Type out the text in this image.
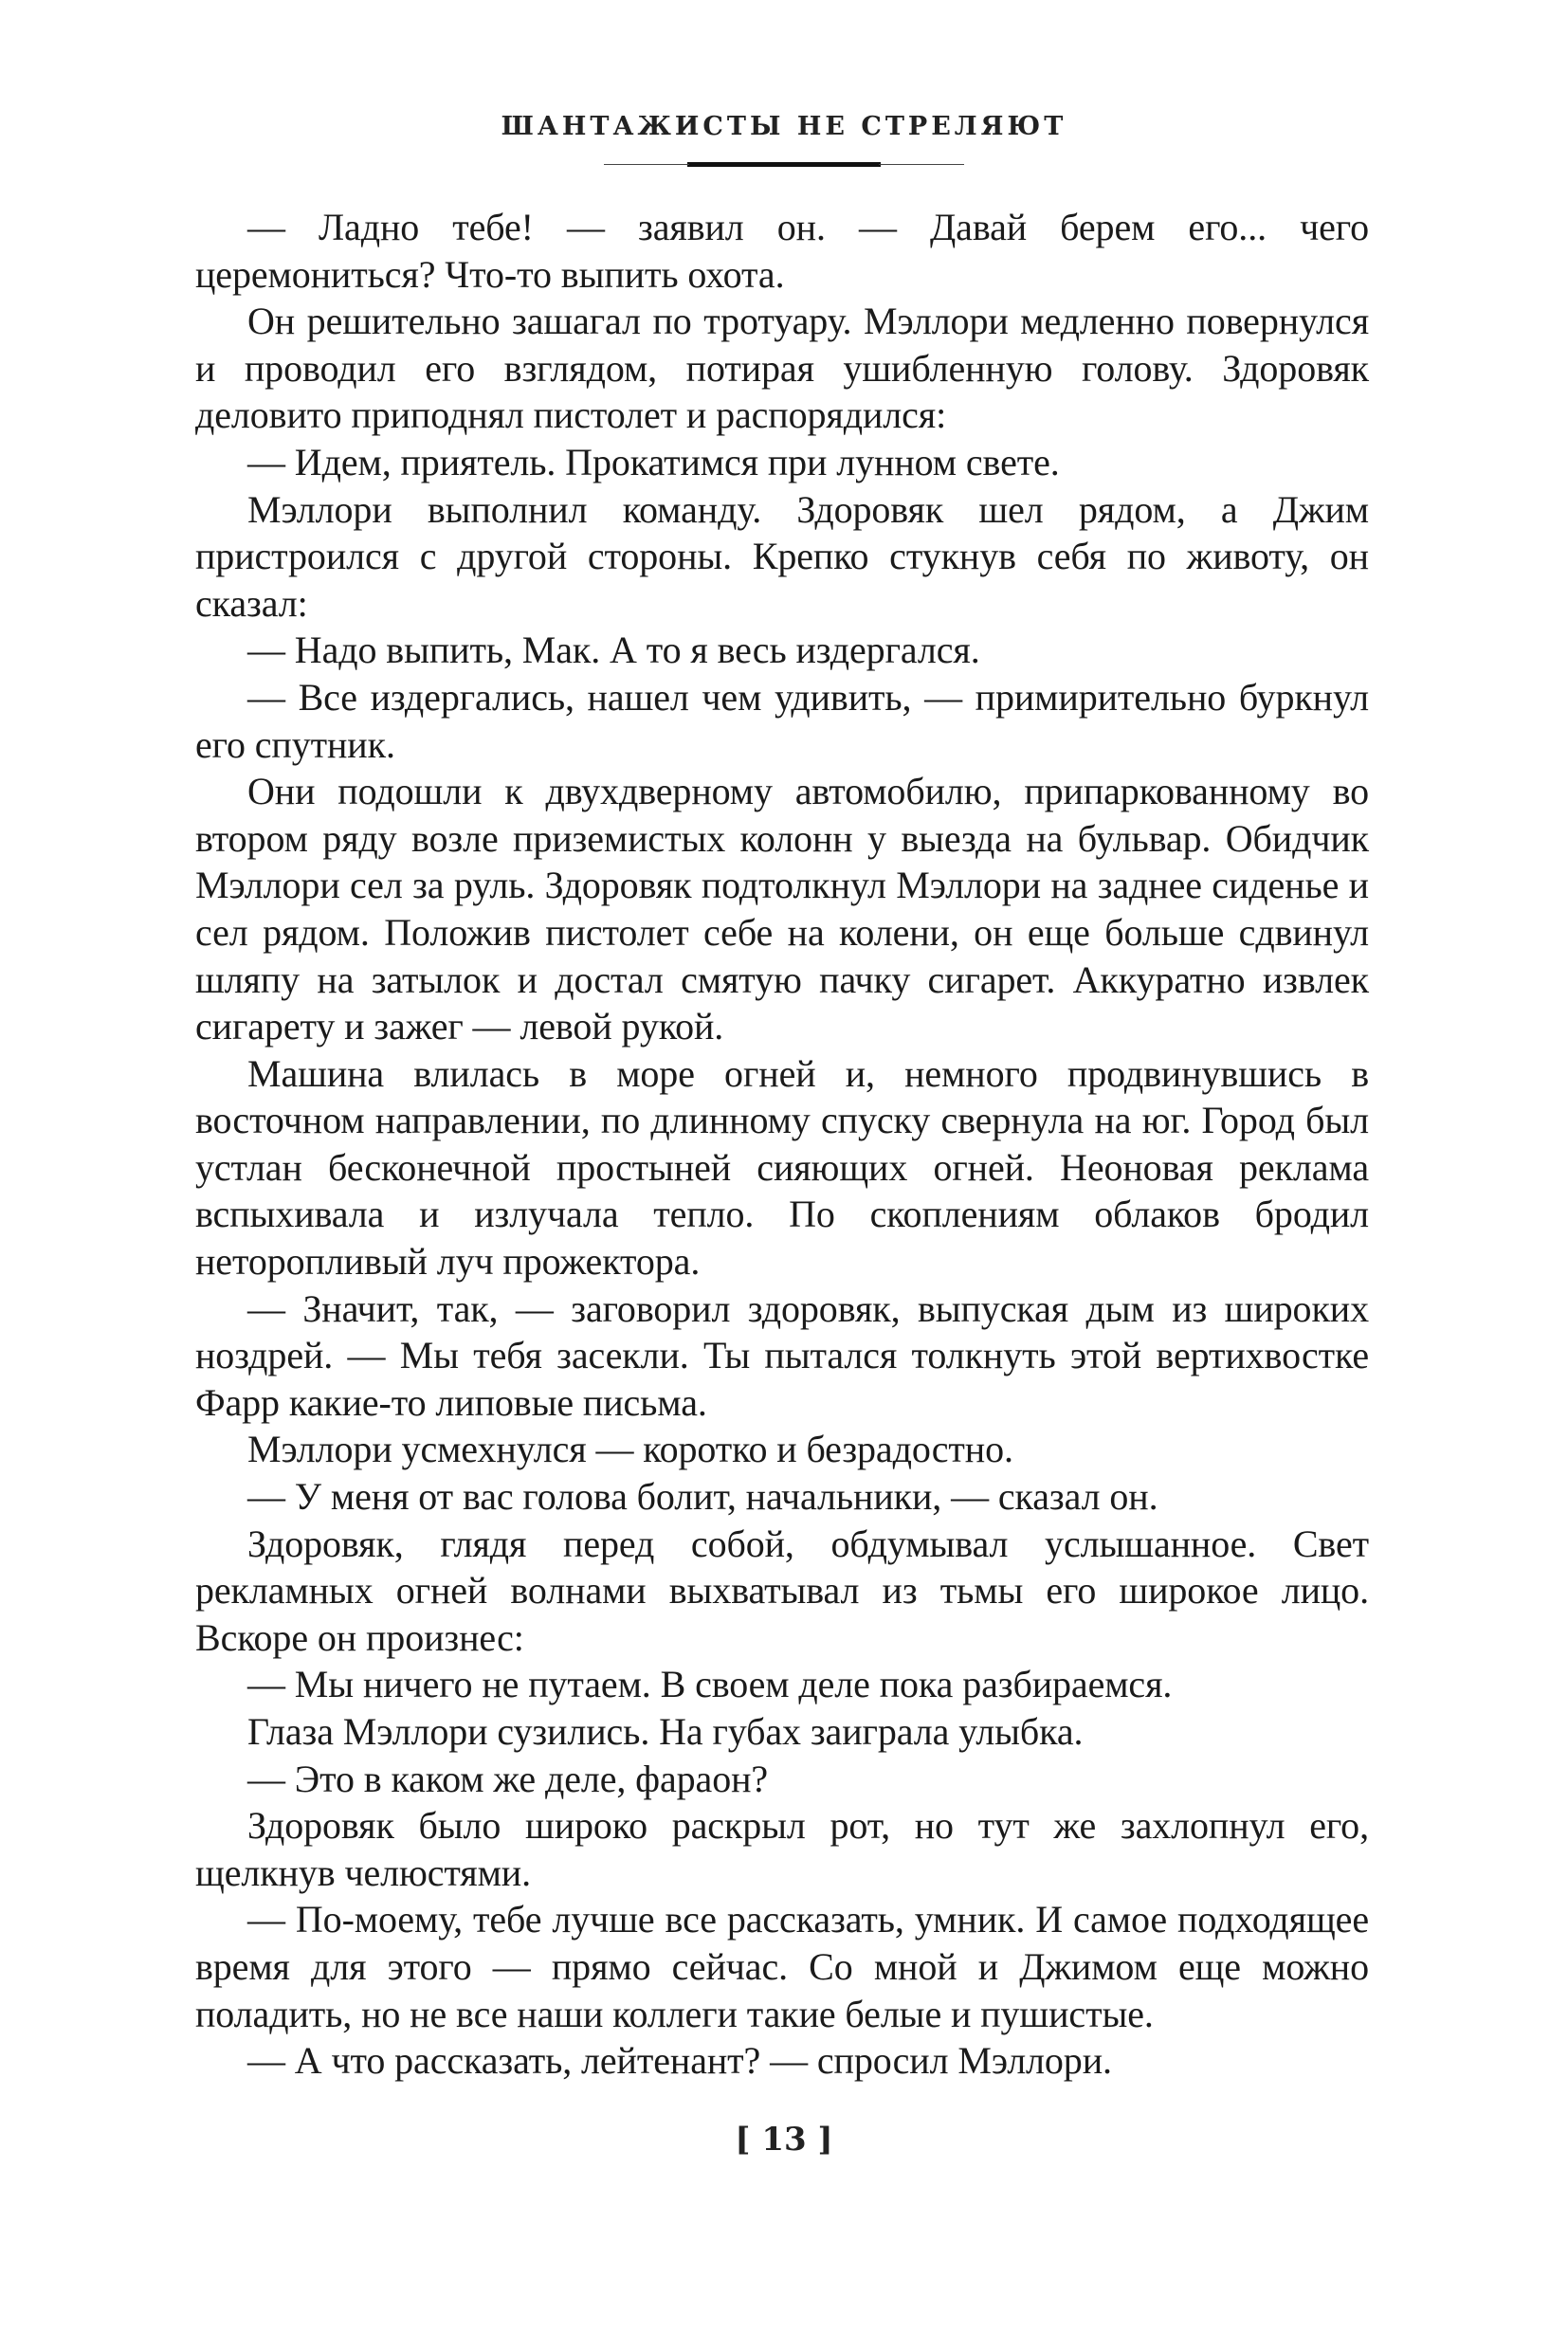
ШАНТАЖИСТЫ НЕ СТРЕЛЯЮТ

— Ладно тебе! — заявил он. — Давай берем его... чего церемониться? Что-то выпить охота.

Он решительно зашагал по тротуару. Мэллори медленно повернулся и проводил его взглядом, потирая ушибленную голову. Здоровяк деловито приподнял пистолет и распорядился:

— Идем, приятель. Прокатимся при лунном свете.

Мэллори выполнил команду. Здоровяк шел рядом, а Джим пристроился с другой стороны. Крепко стукнув себя по животу, он сказал:

— Надо выпить, Мак. А то я весь издергался.

— Все издергались, нашел чем удивить, — примирительно буркнул его спутник.

Они подошли к двухдверному автомобилю, припаркованному во втором ряду возле приземистых колонн у выезда на бульвар. Обидчик Мэллори сел за руль. Здоровяк подтолкнул Мэллори на заднее сиденье и сел рядом. Положив пистолет себе на колени, он еще больше сдвинул шляпу на затылок и достал смятую пачку сигарет. Аккуратно извлек сигарету и зажег — левой рукой.

Машина влилась в море огней и, немного продвинувшись в восточном направлении, по длинному спуску свернула на юг. Город был устлан бесконечной простыней сияющих огней. Неоновая реклама вспыхивала и излучала тепло. По скоплениям облаков бродил неторопливый луч прожектора.

— Значит, так, — заговорил здоровяк, выпуская дым из широких ноздрей. — Мы тебя засекли. Ты пытался толкнуть этой вертихвостке Фарр какие-то липовые письма.

Мэллори усмехнулся — коротко и безрадостно.

— У меня от вас голова болит, начальники, — сказал он.

Здоровяк, глядя перед собой, обдумывал услышанное. Свет рекламных огней волнами выхватывал из тьмы его широкое лицо. Вскоре он произнес:

— Мы ничего не путаем. В своем деле пока разбираемся.

Глаза Мэллори сузились. На губах заиграла улыбка.

— Это в каком же деле, фараон?

Здоровяк было широко раскрыл рот, но тут же захлопнул его, щелкнув челюстями.

— По-моему, тебе лучше все рассказать, умник. И самое подходящее время для этого — прямо сейчас. Со мной и Джимом еще можно поладить, но не все наши коллеги такие белые и пушистые.

— А что рассказать, лейтенант? — спросил Мэллори.

[ 13 ]
